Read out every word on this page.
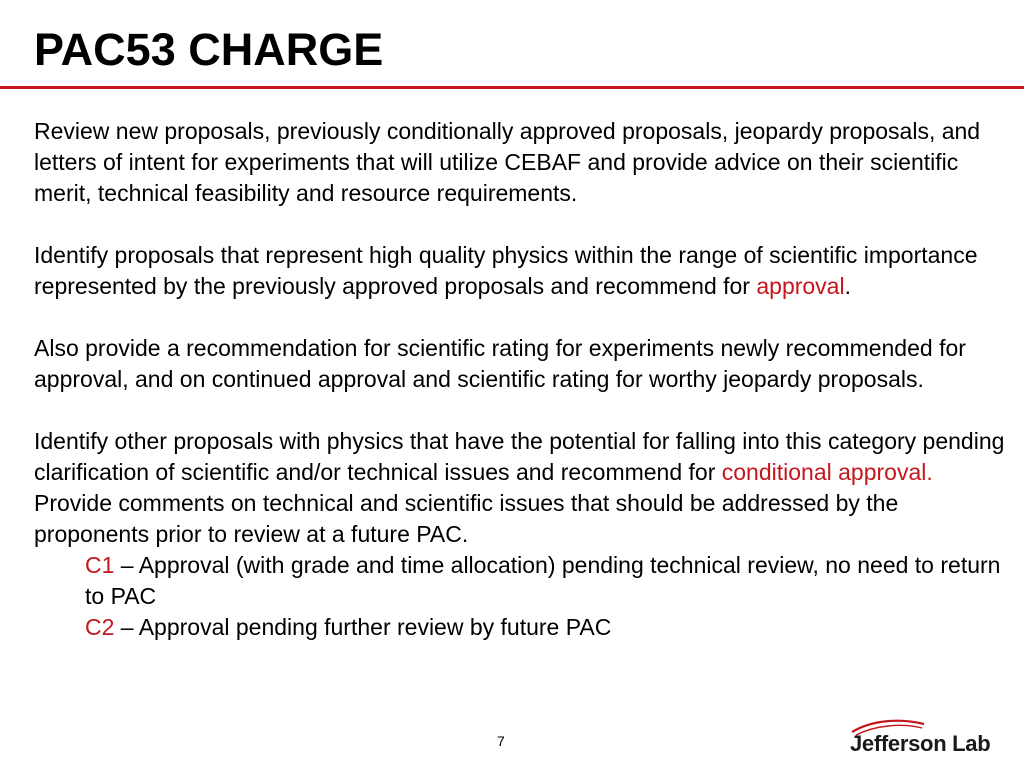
PAC53 CHARGE

Review new proposals, previously conditionally approved proposals, jeopardy proposals, and letters of intent for experiments that will utilize CEBAF and provide advice on their scientific merit, technical feasibility and resource requirements.

Identify proposals that represent high quality physics within the range of scientific importance represented by the previously approved proposals and recommend for approval.

Also provide a recommendation for scientific rating for experiments newly recommended for approval, and on continued approval and scientific rating for worthy jeopardy proposals.

Identify other proposals with physics that have the potential for falling into this category pending clarification of scientific and/or technical issues and recommend for conditional approval. Provide comments on technical and scientific issues that should be addressed by the proponents prior to review at a future PAC.
C1 – Approval (with grade and time allocation) pending technical review, no need to return to PAC
C2 – Approval pending further review by future PAC
7	Jefferson Lab
